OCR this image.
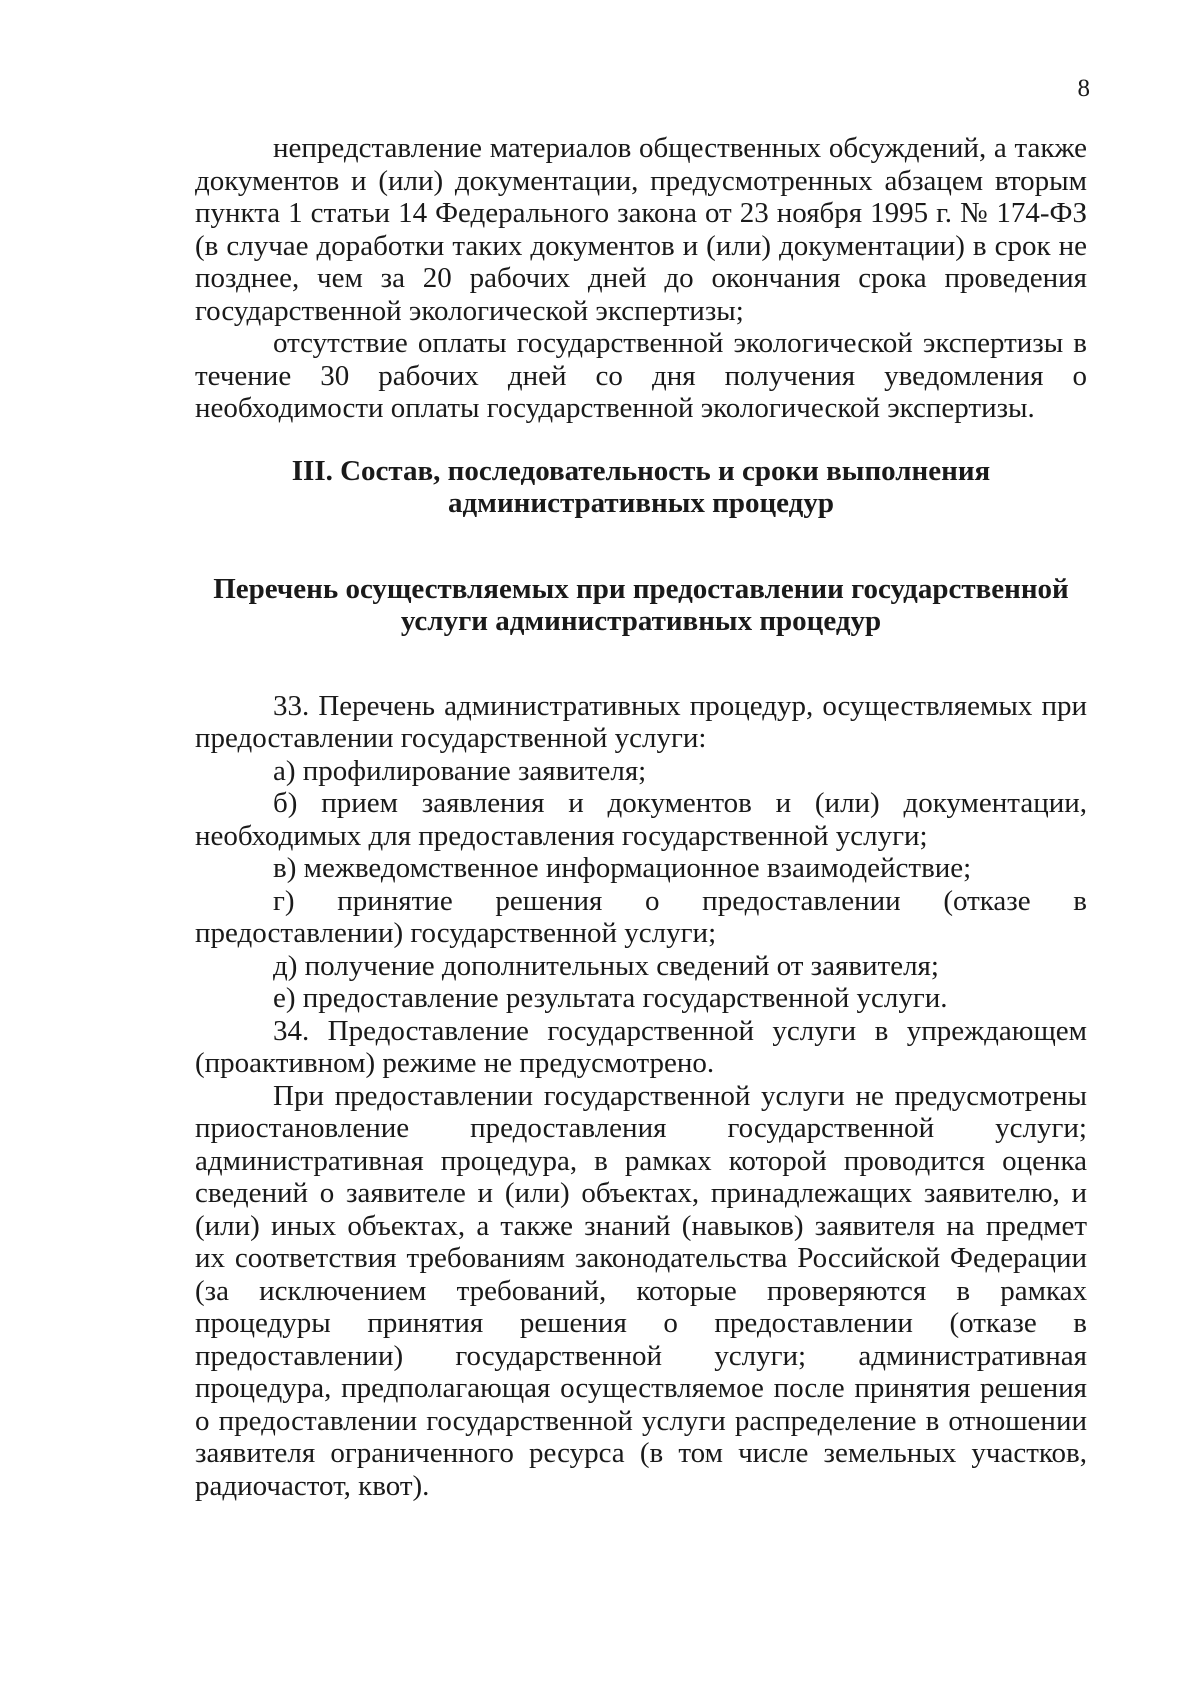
8

непредставление материалов общественных обсуждений, а также документов и (или) документации, предусмотренных абзацем вторым пункта 1 статьи 14 Федерального закона от 23 ноября 1995 г. № 174-ФЗ (в случае доработки таких документов и (или) документации) в срок не позднее, чем за 20 рабочих дней до окончания срока проведения государственной экологической экспертизы;

отсутствие оплаты государственной экологической экспертизы в течение 30 рабочих дней со дня получения уведомления о необходимости оплаты государственной экологической экспертизы.

III. Состав, последовательность и сроки выполнения
административных процедур
Перечень осуществляемых при предоставлении государственной
услуги административных процедур

33. Перечень административных процедур, осуществляемых при предоставлении государственной услуги:

а) профилирование заявителя;

б) прием заявления и документов и (или) документации, необходимых для предоставления государственной услуги;

в) межведомственное информационное взаимодействие;

г) принятие решения о предоставлении (отказе в предоставлении) государственной услуги;

д) получение дополнительных сведений от заявителя;

е) предоставление результата государственной услуги.

34. Предоставление государственной услуги в упреждающем (проактивном) режиме не предусмотрено.

При предоставлении государственной услуги не предусмотрены приостановление предоставления государственной услуги; административная процедура, в рамках которой проводится оценка сведений о заявителе и (или) объектах, принадлежащих заявителю, и (или) иных объектах, а также знаний (навыков) заявителя на предмет их соответствия требованиям законодательства Российской Федерации (за исключением требований, которые проверяются в рамках процедуры принятия решения о предоставлении (отказе в предоставлении) государственной услуги; административная процедура, предполагающая осуществляемое после принятия решения о предоставлении государственной услуги распределение в отношении заявителя ограниченного ресурса (в том числе земельных участков, радиочастот, квот).
